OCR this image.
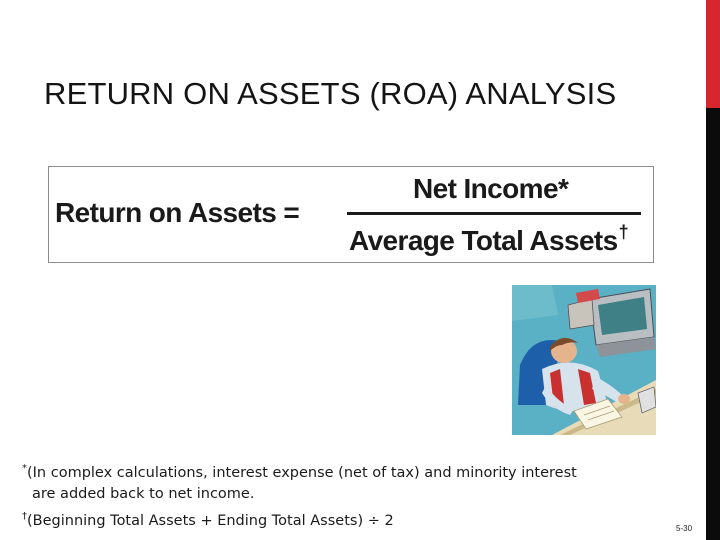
RETURN ON ASSETS (ROA) ANALYSIS
Return on Assets =
Net Income*
Average Total Assets†
*(In complex calculations, interest expense (net of tax) and minority interest
are added back to net income.
†(Beginning Total Assets + Ending Total Assets) ÷ 2	5-30
